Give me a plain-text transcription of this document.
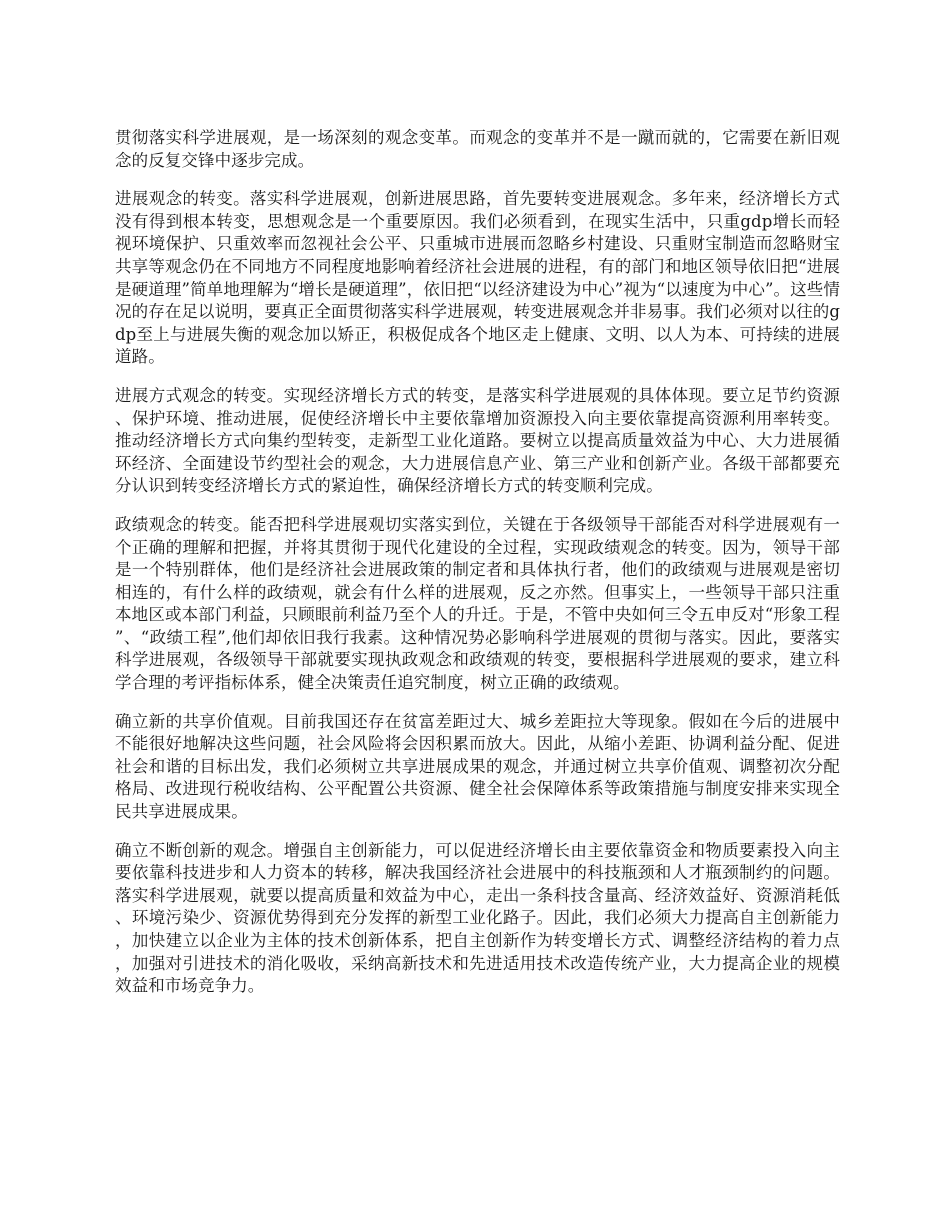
贯彻落实科学进展观，是一场深刻的观念变革。而观念的变革并不是一蹴而就的，它需要在新旧观念的反复交锋中逐步完成。

进展观念的转变。落实科学进展观，创新进展思路，首先要转变进展观念。多年来，经济增长方式没有得到根本转变，思想观念是一个重要原因。我们必须看到，在现实生活中，只重gdp增长而轻视环境保护、只重效率而忽视社会公平、只重城市进展而忽略乡村建设、只重财宝制造而忽略财宝共享等观念仍在不同地方不同程度地影响着经济社会进展的进程，有的部门和地区领导依旧把“进展是硬道理”简单地理解为“增长是硬道理”，依旧把“以经济建设为中心”视为“以速度为中心”。这些情况的存在足以说明，要真正全面贯彻落实科学进展观，转变进展观念并非易事。我们必须对以往的gdp至上与进展失衡的观念加以矫正，积极促成各个地区走上健康、文明、以人为本、可持续的进展道路。

进展方式观念的转变。实现经济增长方式的转变，是落实科学进展观的具体体现。要立足节约资源、保护环境、推动进展，促使经济增长中主要依靠增加资源投入向主要依靠提高资源利用率转变。推动经济增长方式向集约型转变，走新型工业化道路。要树立以提高质量效益为中心、大力进展循环经济、全面建设节约型社会的观念，大力进展信息产业、第三产业和创新产业。各级干部都要充分认识到转变经济增长方式的紧迫性，确保经济增长方式的转变顺利完成。

政绩观念的转变。能否把科学进展观切实落实到位，关键在于各级领导干部能否对科学进展观有一个正确的理解和把握，并将其贯彻于现代化建设的全过程，实现政绩观念的转变。因为，领导干部是一个特别群体，他们是经济社会进展政策的制定者和具体执行者，他们的政绩观与进展观是密切相连的，有什么样的政绩观，就会有什么样的进展观，反之亦然。但事实上，一些领导干部只注重本地区或本部门利益，只顾眼前利益乃至个人的升迁。于是，不管中央如何三令五申反对“形象工程”、“政绩工程”,他们却依旧我行我素。这种情况势必影响科学进展观的贯彻与落实。因此，要落实科学进展观，各级领导干部就要实现执政观念和政绩观的转变，要根据科学进展观的要求，建立科学合理的考评指标体系，健全决策责任追究制度，树立正确的政绩观。

确立新的共享价值观。目前我国还存在贫富差距过大、城乡差距拉大等现象。假如在今后的进展中不能很好地解决这些问题，社会风险将会因积累而放大。因此，从缩小差距、协调利益分配、促进社会和谐的目标出发，我们必须树立共享进展成果的观念，并通过树立共享价值观、调整初次分配格局、改进现行税收结构、公平配置公共资源、健全社会保障体系等政策措施与制度安排来实现全民共享进展成果。

确立不断创新的观念。增强自主创新能力，可以促进经济增长由主要依靠资金和物质要素投入向主要依靠科技进步和人力资本的转移，解决我国经济社会进展中的科技瓶颈和人才瓶颈制约的问题。落实科学进展观，就要以提高质量和效益为中心，走出一条科技含量高、经济效益好、资源消耗低、环境污染少、资源优势得到充分发挥的新型工业化路子。因此，我们必须大力提高自主创新能力，加快建立以企业为主体的技术创新体系，把自主创新作为转变增长方式、调整经济结构的着力点，加强对引进技术的消化吸收，采纳高新技术和先进适用技术改造传统产业，大力提高企业的规模效益和市场竞争力。
